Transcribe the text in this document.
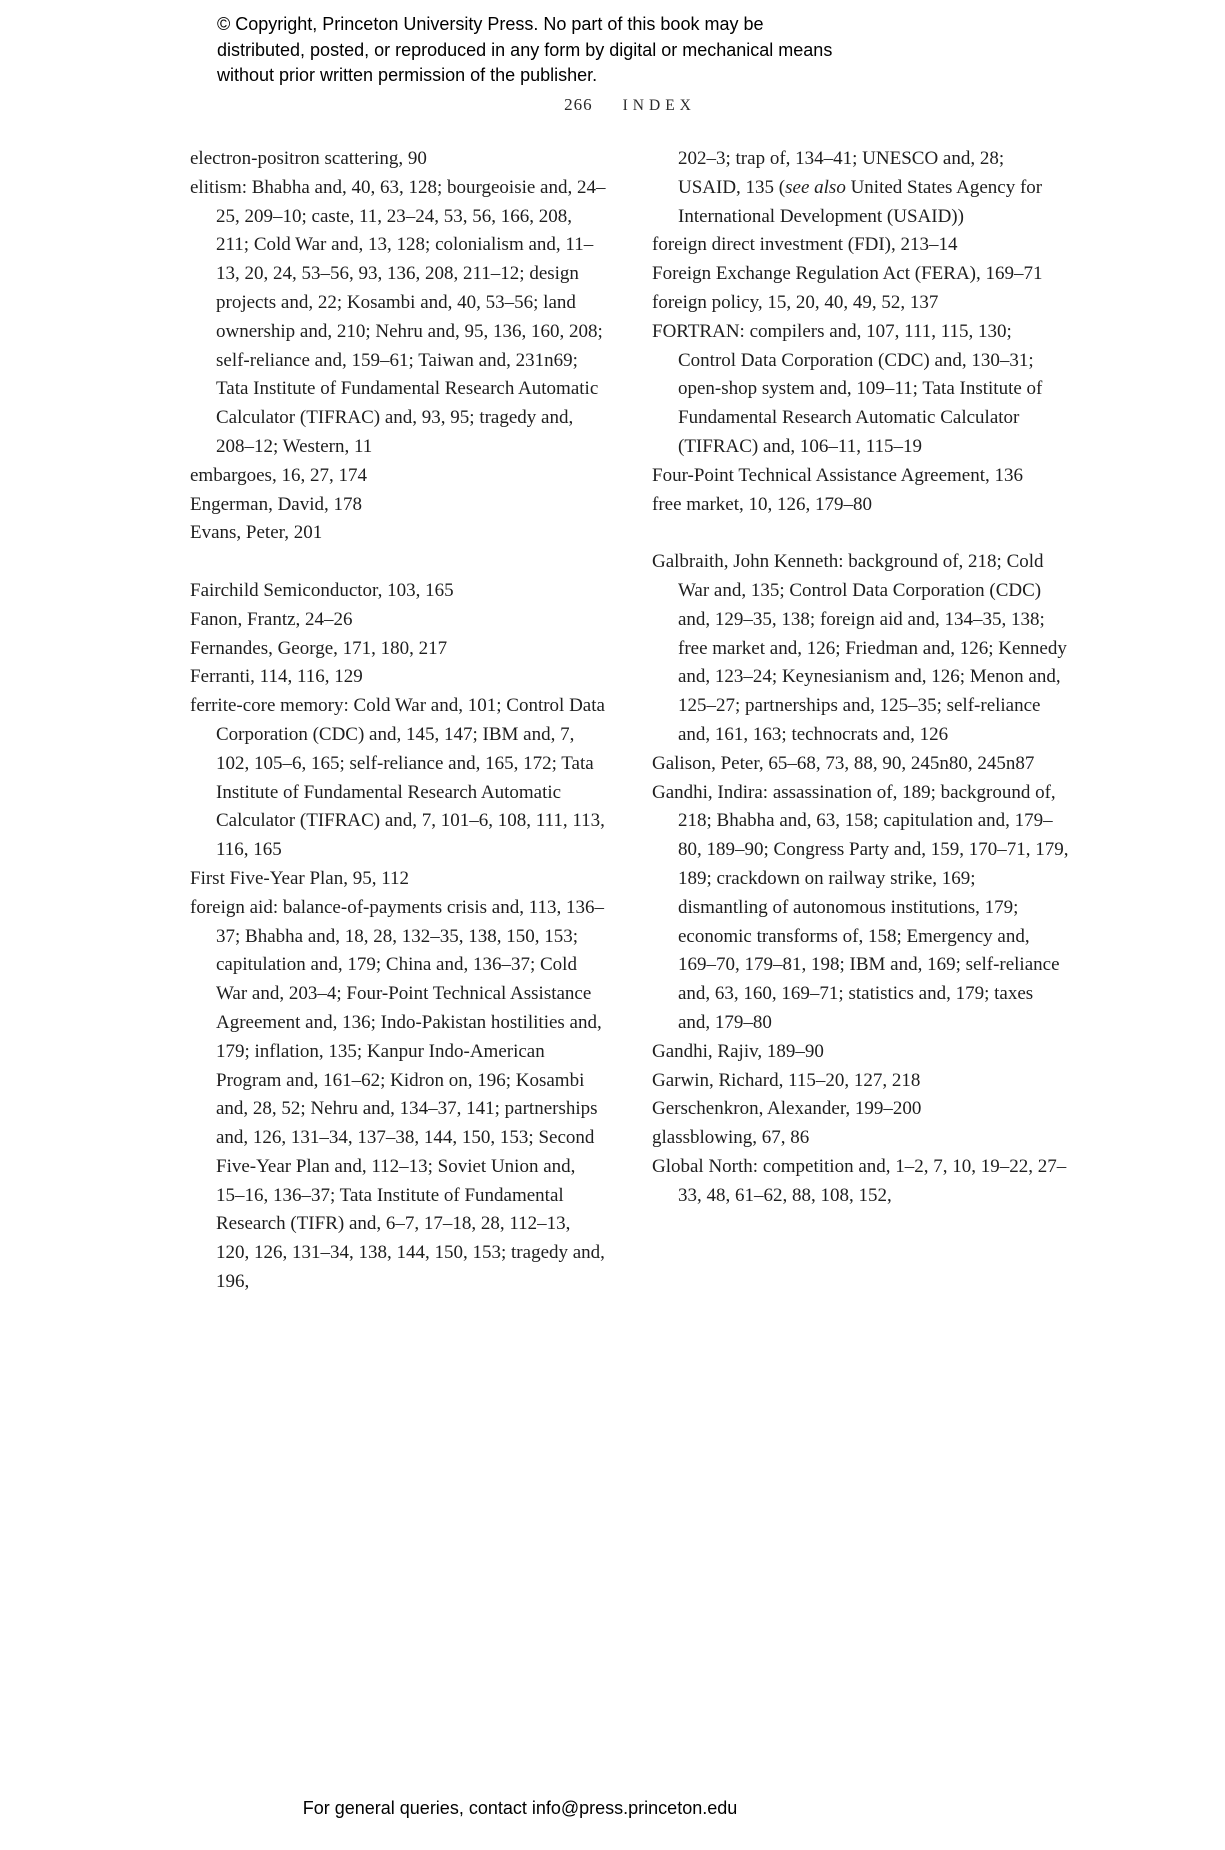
© Copyright, Princeton University Press. No part of this book may be distributed, posted, or reproduced in any form by digital or mechanical means without prior written permission of the publisher.
266 INDEX

electron-positron scattering, 90

elitism: Bhabha and, 40, 63, 128; bourgeoisie and, 24–25, 209–10; caste, 11, 23–24, 53, 56, 166, 208, 211; Cold War and, 13, 128; colonialism and, 11–13, 20, 24, 53–56, 93, 136, 208, 211–12; design projects and, 22; Kosambi and, 40, 53–56; land ownership and, 210; Nehru and, 95, 136, 160, 208; self-reliance and, 159–61; Taiwan and, 231n69; Tata Institute of Fundamental Research Automatic Calculator (TIFRAC) and, 93, 95; tragedy and, 208–12; Western, 11

embargoes, 16, 27, 174

Engerman, David, 178

Evans, Peter, 201

Fairchild Semiconductor, 103, 165

Fanon, Frantz, 24–26

Fernandes, George, 171, 180, 217

Ferranti, 114, 116, 129

ferrite-core memory: Cold War and, 101; Control Data Corporation (CDC) and, 145, 147; IBM and, 7, 102, 105–6, 165; self-reliance and, 165, 172; Tata Institute of Fundamental Research Automatic Calculator (TIFRAC) and, 7, 101–6, 108, 111, 113, 116, 165

First Five-Year Plan, 95, 112

foreign aid: balance-of-payments crisis and, 113, 136–37; Bhabha and, 18, 28, 132–35, 138, 150, 153; capitulation and, 179; China and, 136–37; Cold War and, 203–4; Four-Point Technical Assistance Agreement and, 136; Indo-Pakistan hostilities and, 179; inflation, 135; Kanpur Indo-American Program and, 161–62; Kidron on, 196; Kosambi and, 28, 52; Nehru and, 134–37, 141; partnerships and, 126, 131–34, 137–38, 144, 150, 153; Second Five-Year Plan and, 112–13; Soviet Union and, 15–16, 136–37; Tata Institute of Fundamental Research (TIFR) and, 6–7, 17–18, 28, 112–13, 120, 126, 131–34, 138, 144, 150, 153; tragedy and, 196,

202–3; trap of, 134–41; UNESCO and, 28; USAID, 135 (see also United States Agency for International Development (USAID))

foreign direct investment (FDI), 213–14

Foreign Exchange Regulation Act (FERA), 169–71

foreign policy, 15, 20, 40, 49, 52, 137

FORTRAN: compilers and, 107, 111, 115, 130; Control Data Corporation (CDC) and, 130–31; open-shop system and, 109–11; Tata Institute of Fundamental Research Automatic Calculator (TIFRAC) and, 106–11, 115–19

Four-Point Technical Assistance Agreement, 136

free market, 10, 126, 179–80

Galbraith, John Kenneth: background of, 218; Cold War and, 135; Control Data Corporation (CDC) and, 129–35, 138; foreign aid and, 134–35, 138; free market and, 126; Friedman and, 126; Kennedy and, 123–24; Keynesianism and, 126; Menon and, 125–27; partnerships and, 125–35; self-reliance and, 161, 163; technocrats and, 126

Galison, Peter, 65–68, 73, 88, 90, 245n80, 245n87

Gandhi, Indira: assassination of, 189; background of, 218; Bhabha and, 63, 158; capitulation and, 179–80, 189–90; Congress Party and, 159, 170–71, 179, 189; crackdown on railway strike, 169; dismantling of autonomous institutions, 179; economic transforms of, 158; Emergency and, 169–70, 179–81, 198; IBM and, 169; self-reliance and, 63, 160, 169–71; statistics and, 179; taxes and, 179–80

Gandhi, Rajiv, 189–90

Garwin, Richard, 115–20, 127, 218

Gerschenkron, Alexander, 199–200

glassblowing, 67, 86

Global North: competition and, 1–2, 7, 10, 19–22, 27–33, 48, 61–62, 88, 108, 152,

For general queries, contact info@press.princeton.edu
